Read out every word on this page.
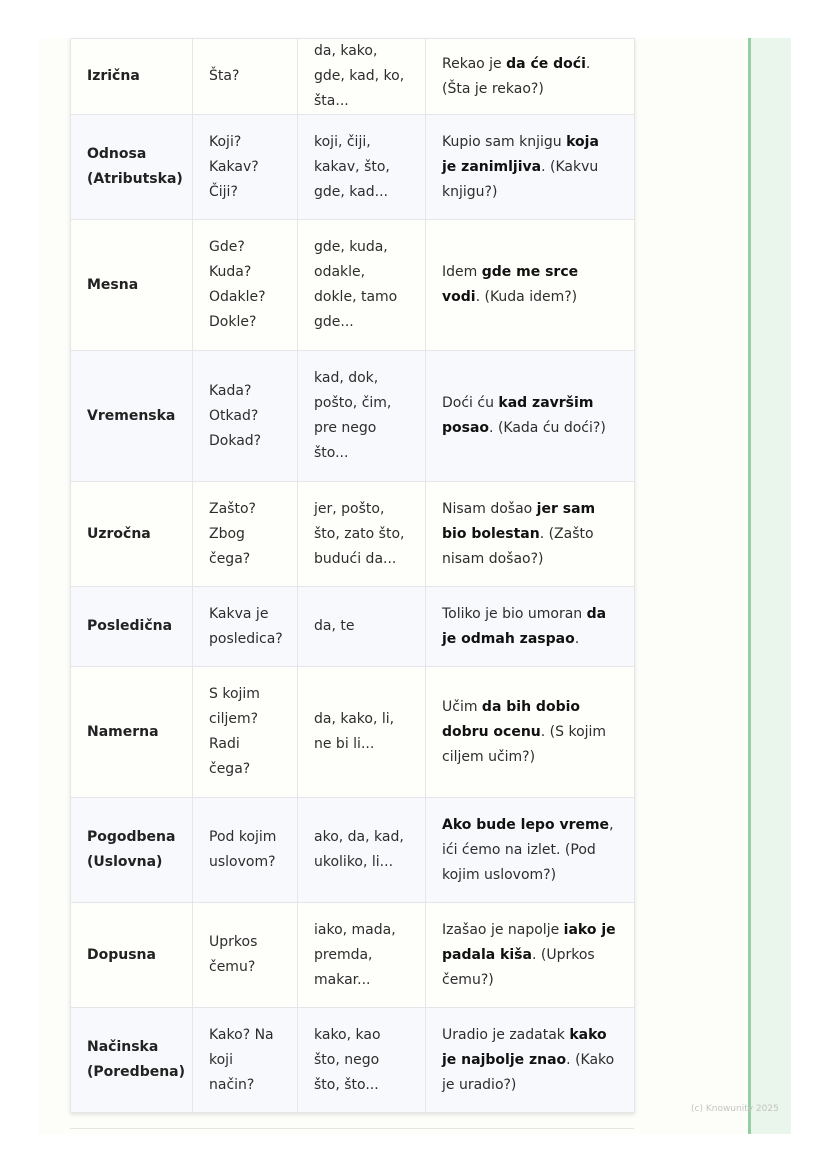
Izrična	Šta?	da, kako, gde, kad, ko, šta...	Rekao je da će doći. (Šta je rekao?)
Odnosa (Atributska)	Koji? Kakav? Čiji?	koji, čiji, kakav, što, gde, kad...	Kupio sam knjigu koja je zanimljiva. (Kakvu knjigu?)
Mesna	Gde? Kuda? Odakle? Dokle?	gde, kuda, odakle, dokle, tamo gde...	Idem gde me srce vodi. (Kuda idem?)
Vremenska	Kada? Otkad? Dokad?	kad, dok, pošto, čim, pre nego što...	Doći ću kad završim posao. (Kada ću doći?)
Uzročna	Zašto? Zbog čega?	jer, pošto, što, zato što, budući da...	Nisam došao jer sam bio bolestan. (Zašto nisam došao?)
Posledična	Kakva je posledica?	da, te	Toliko je bio umoran da je odmah zaspao.
Namerna	S kojim ciljem? Radi čega?	da, kako, li, ne bi li...	Učim da bih dobio dobru ocenu. (S kojim ciljem učim?)
Pogodbena (Uslovna)	Pod kojim uslovom?	ako, da, kad, ukoliko, li...	Ako bude lepo vreme, ići ćemo na izlet. (Pod kojim uslovom?)
Dopusna	Uprkos čemu?	iako, mada, premda, makar...	Izašao je napolje iako je padala kiša. (Uprkos čemu?)
Načinska (Poredbena)	Kako? Na koji način?	kako, kao što, nego što, što...	Uradio je zadatak kako je najbolje znao. (Kako je uradio?)
(c) Knowunity 2025
